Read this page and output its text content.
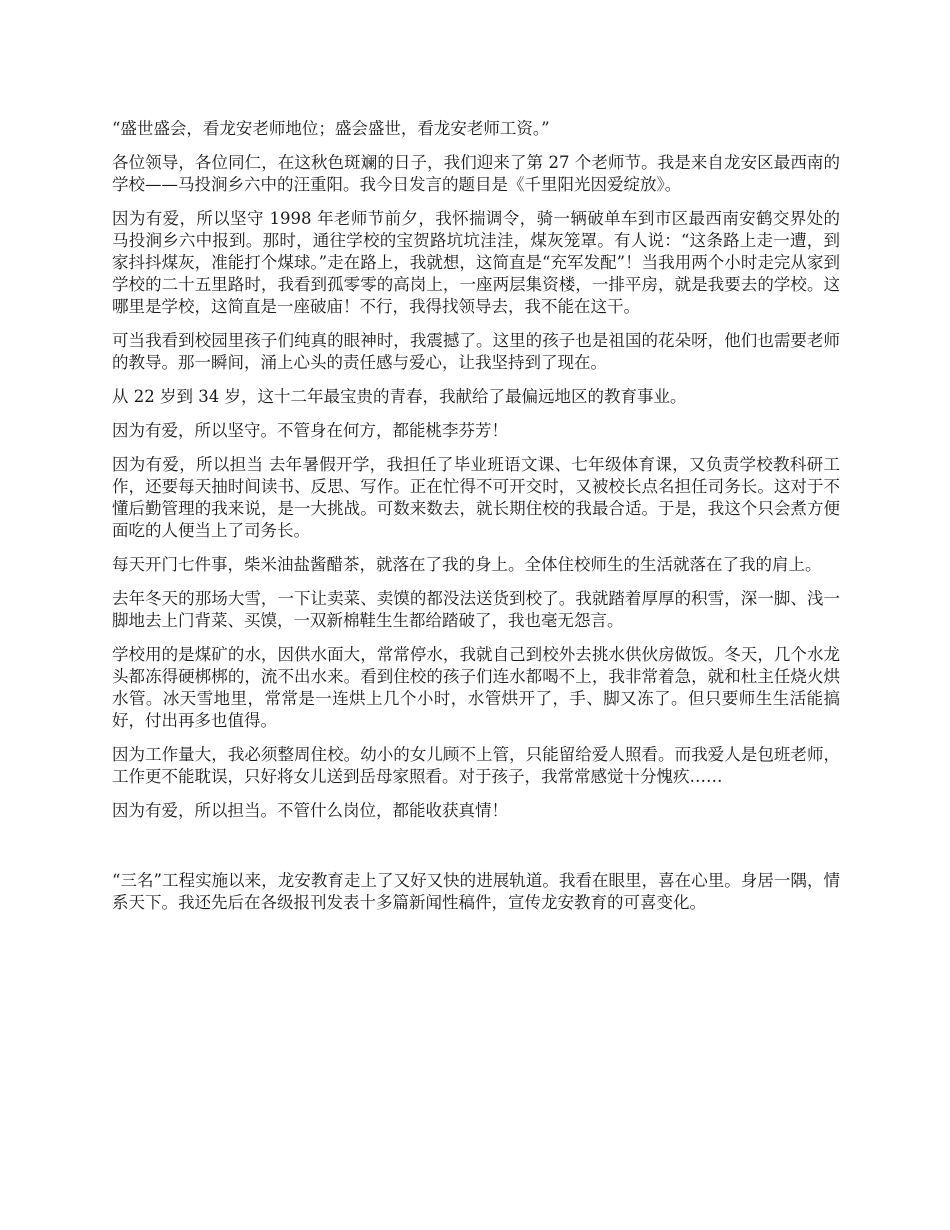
“盛世盛会，看龙安老师地位；盛会盛世，看龙安老师工资。”

各位领导，各位同仁，在这秋色斑斓的日子，我们迎来了第 27 个老师节。我是来自龙安区最西南的学校——马投涧乡六中的汪重阳。我今日发言的题目是《千里阳光因爱绽放》。

因为有爱，所以坚守 1998 年老师节前夕，我怀揣调令，骑一辆破单车到市区最西南安鹤交界处的马投涧乡六中报到。那时，通往学校的宝贺路坑坑洼洼，煤灰笼罩。有人说：“这条路上走一遭，到家抖抖煤灰，准能打个煤球。”走在路上，我就想，这简直是“充军发配”！当我用两个小时走完从家到学校的二十五里路时，我看到孤零零的高岗上，一座两层集资楼，一排平房，就是我要去的学校。这哪里是学校，这简直是一座破庙！不行，我得找领导去，我不能在这干。

可当我看到校园里孩子们纯真的眼神时，我震撼了。这里的孩子也是祖国的花朵呀，他们也需要老师的教导。那一瞬间，涌上心头的责任感与爱心，让我坚持到了现在。

从 22 岁到 34 岁，这十二年最宝贵的青春，我献给了最偏远地区的教育事业。

因为有爱，所以坚守。不管身在何方，都能桃李芬芳！

因为有爱，所以担当 去年暑假开学，我担任了毕业班语文课、七年级体育课，又负责学校教科研工作，还要每天抽时间读书、反思、写作。正在忙得不可开交时，又被校长点名担任司务长。这对于不懂后勤管理的我来说，是一大挑战。可数来数去，就长期住校的我最合适。于是，我这个只会煮方便面吃的人便当上了司务长。

每天开门七件事，柴米油盐酱醋茶，就落在了我的身上。全体住校师生的生活就落在了我的肩上。

去年冬天的那场大雪，一下让卖菜、卖馍的都没法送货到校了。我就踏着厚厚的积雪，深一脚、浅一脚地去上门背菜、买馍，一双新棉鞋生生都给踏破了，我也毫无怨言。

学校用的是煤矿的水，因供水面大，常常停水，我就自己到校外去挑水供伙房做饭。冬天，几个水龙头都冻得硬梆梆的，流不出水来。看到住校的孩子们连水都喝不上，我非常着急，就和杜主任烧火烘水管。冰天雪地里，常常是一连烘上几个小时，水管烘开了，手、脚又冻了。但只要师生生活能搞好，付出再多也值得。

因为工作量大，我必须整周住校。幼小的女儿顾不上管，只能留给爱人照看。而我爱人是包班老师，工作更不能耽误，只好将女儿送到岳母家照看。对于孩子，我常常感觉十分愧疚……

因为有爱，所以担当。不管什么岗位，都能收获真情！

“三名”工程实施以来，龙安教育走上了又好又快的进展轨道。我看在眼里，喜在心里。身居一隅，情系天下。我还先后在各级报刊发表十多篇新闻性稿件，宣传龙安教育的可喜变化。
